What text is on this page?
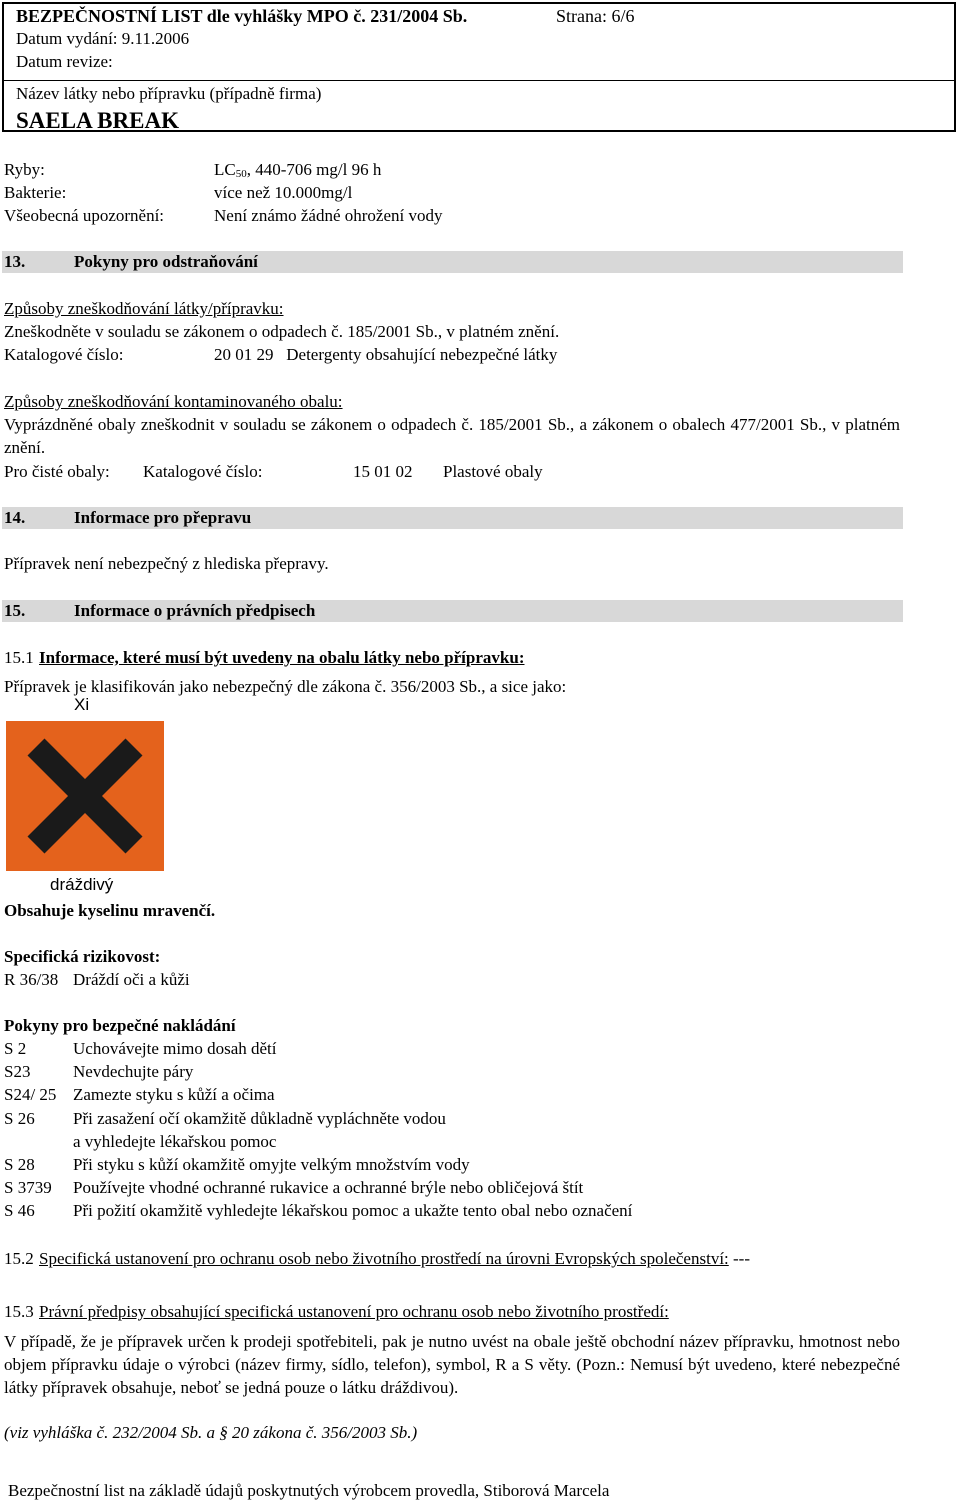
BEZPEČNOSTNÍ LIST dle vyhlášky MPO č. 231/2004 Sb.	Strana: 6/6
Datum vydání: 9.11.2006
Datum revize:
Název látky nebo přípravku (případně firma)
SAELA BREAK
Ryby:	$LC_{50}$, 440-706 mg/l 96 h
Bakterie:	více než 10.000mg/l
Všeobecná upozornění:	Není známo žádné ohrožení vody
13.	Pokyny pro odstraňování
Způsoby zneškodňování látky/přípravku:
Zneškodněte v souladu se zákonem o odpadech č. 185/2001 Sb., v platném znění.
Katalogové číslo:	20 01 29   Detergenty obsahující nebezpečné látky
Způsoby zneškodňování kontaminovaného obalu:
Vyprázdněné obaly zneškodnit v souladu se zákonem o odpadech č. 185/2001 Sb., a zákonem o obalech 477/2001 Sb., v platném znění.
Pro čisté obaly: Katalogové číslo:	15 01 02 Plastové obaly
14.	Informace pro přepravu
Přípravek není nebezpečný z hlediska přepravy.
15.	Informace o právních předpisech
15.1 Informace, které musí být uvedeny na obalu látky nebo přípravku:
Přípravek je klasifikován jako nebezpečný dle zákona č. 356/2003 Sb., a sice jako:
Xi
dráždivý
Obsahuje kyselinu mravenčí.
Specifická rizikovost:
R 36/38 Dráždí oči a kůži
Pokyny pro bezpečné nakládání
S 2	Uchovávejte mimo dosah dětí
S23	Nevdechujte páry
S24/ 25 Zamezte styku s kůží a očima
S 26 Při zasažení očí okamžitě důkladně vypláchněte vodou
a vyhledejte lékařskou pomoc
S 28 Při styku s kůží okamžitě omyjte velkým množstvím vody
S 3739 Používejte vhodné ochranné rukavice a ochranné brýle nebo obličejová štít
S 46 Při požití okamžitě vyhledejte lékařskou pomoc a ukažte tento obal nebo označení
15.2 Specifická ustanovení pro ochranu osob nebo životního prostředí na úrovni Evropských společenství: ---
15.3 Právní předpisy obsahující specifická ustanovení pro ochranu osob nebo životního prostředí:
V případě, že je přípravek určen k prodeji spotřebiteli, pak je nutno uvést na obale ještě obchodní název přípravku, hmotnost nebo objem přípravku údaje o výrobci (název firmy, sídlo, telefon), symbol, R a S věty. (Pozn.: Nemusí být uvedeno, které nebezpečné látky přípravek obsahuje, neboť se jedná pouze o látku dráždivou).
(viz vyhláška č. 232/2004 Sb. a § 20 zákona č. 356/2003 Sb.)
Bezpečnostní list na základě údajů poskytnutých výrobcem provedla, Stiborová Marcela
